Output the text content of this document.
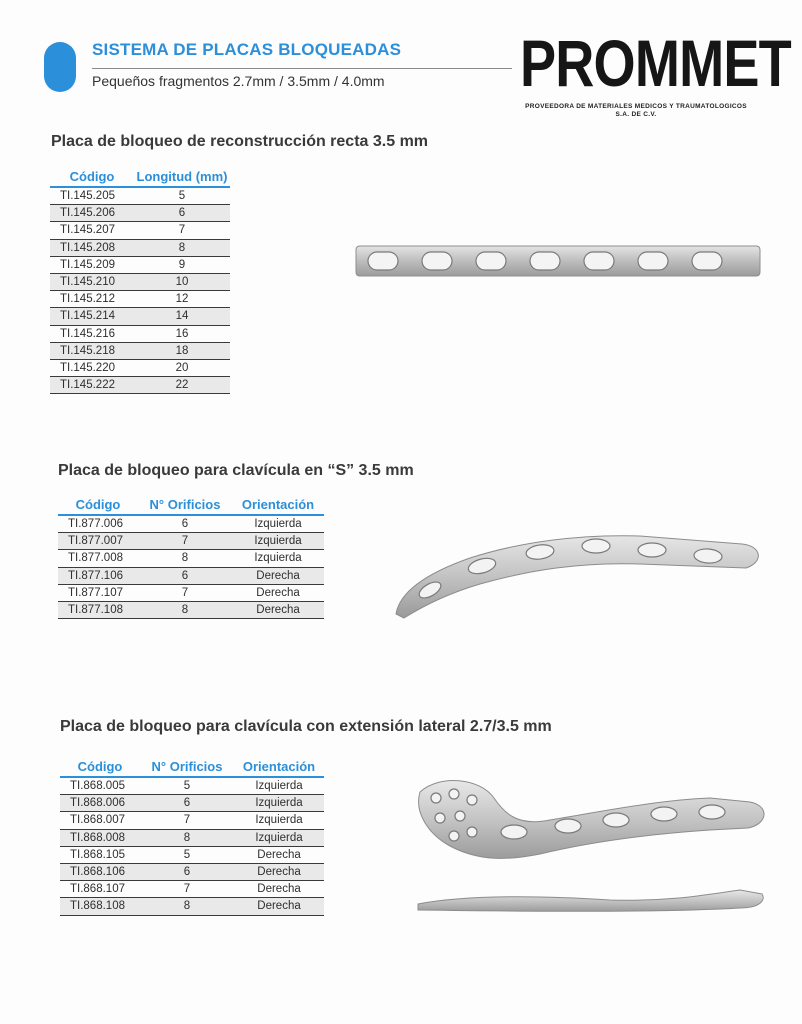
SISTEMA DE PLACAS BLOQUEADAS
Pequeños fragmentos 2.7mm / 3.5mm / 4.0mm PROMMET
PROVEEDORA DE MATERIALES MEDICOS Y TRAUMATOLOGICOS
S.A. DE C.V.
Placa de bloqueo de reconstrucción recta 3.5 mm
Código	Longitud (mm)
TI.145.205	5
TI.145.206	6
TI.145.207	7
TI.145.208	8
TI.145.209	9
TI.145.210	10
TI.145.212	12
TI.145.214	14
TI.145.216	16
TI.145.218	18
TI.145.220	20
TI.145.222	22
Placa de bloqueo para clavícula en “S” 3.5 mm
Código	N° Orificios	Orientación
TI.877.006	6	Izquierda
TI.877.007	7	Izquierda
TI.877.008	8	Izquierda
TI.877.106	6	Derecha
TI.877.107	7	Derecha
TI.877.108	8	Derecha
Placa de bloqueo para clavícula con extensión lateral 2.7/3.5 mm
Código	N° Orificios	Orientación
TI.868.005	5	Izquierda
TI.868.006	6	Izquierda
TI.868.007	7	Izquierda
TI.868.008	8	Izquierda
TI.868.105	5	Derecha
TI.868.106	6	Derecha
TI.868.107	7	Derecha
TI.868.108	8	Derecha
